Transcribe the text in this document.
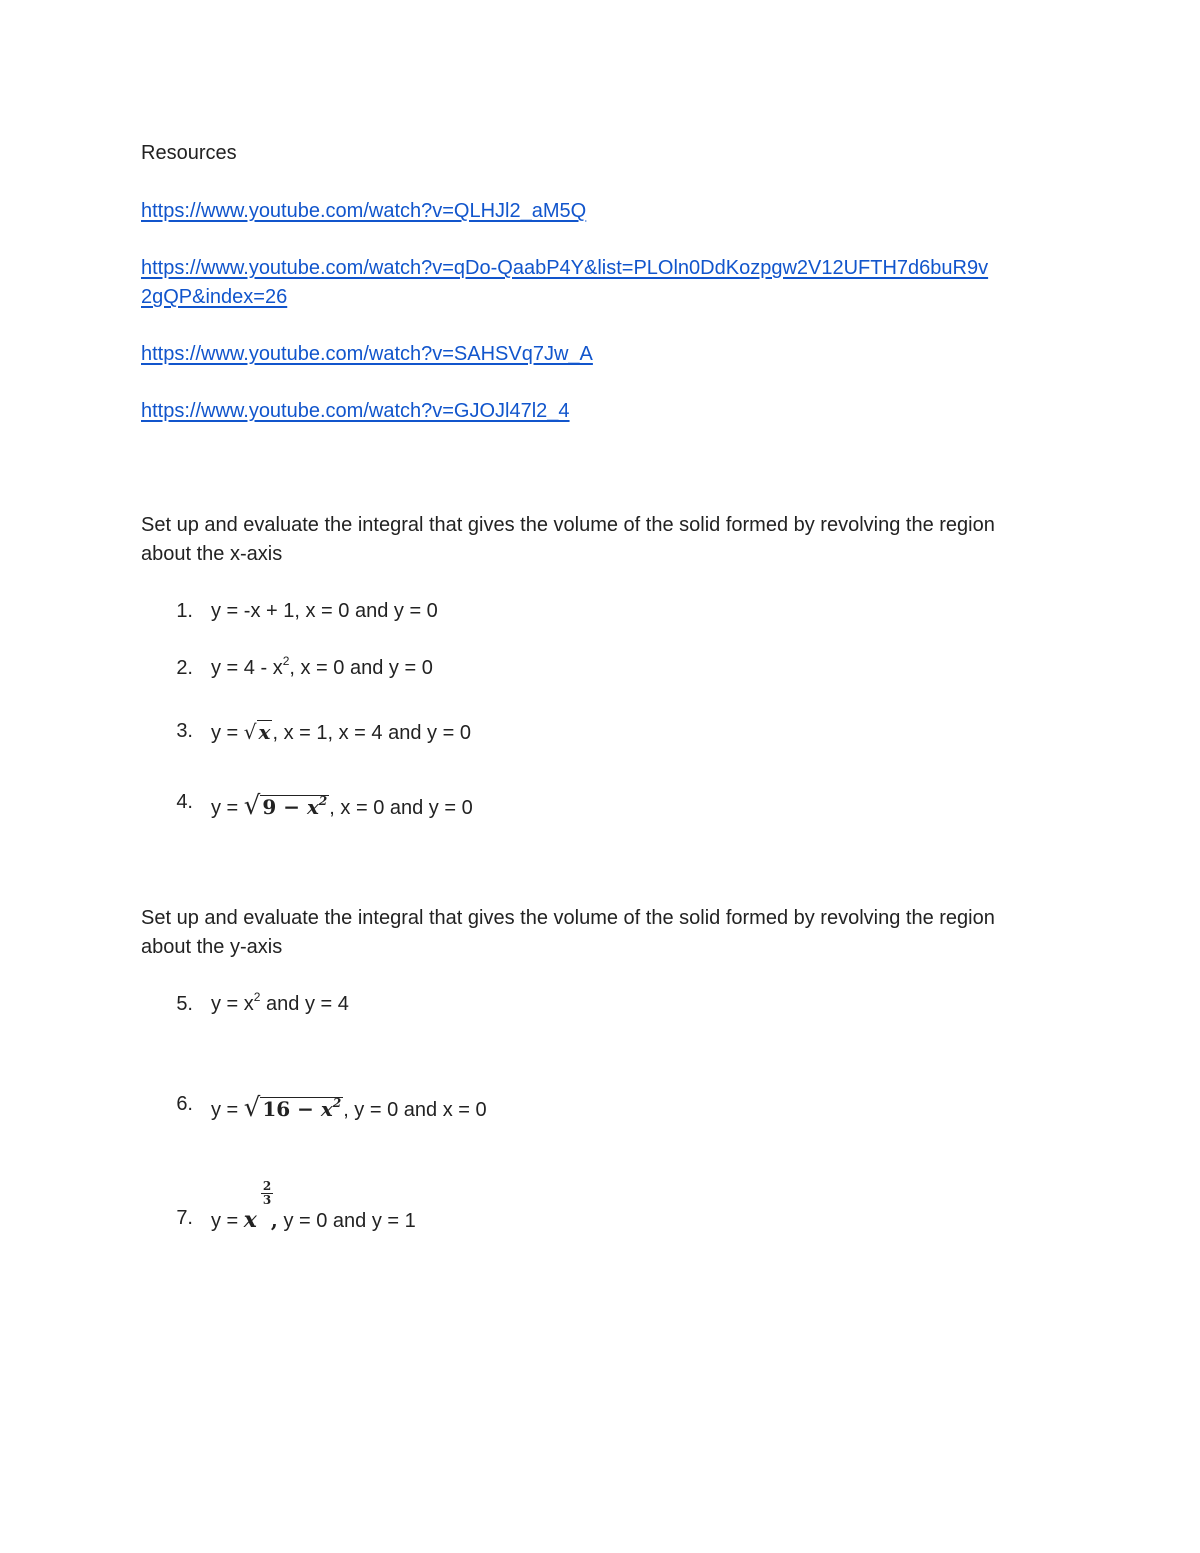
Resources
https://www.youtube.com/watch?v=QLHJl2_aM5Q
https://www.youtube.com/watch?v=qDo-QaabP4Y&list=PLOln0DdKozpgw2V12UFTH7d6buR9v
2gQP&index=26
https://www.youtube.com/watch?v=SAHSVq7Jw_A
https://www.youtube.com/watch?v=GJOJl47l2_4
Set up and evaluate the integral that gives the volume of the solid formed by revolving the region about the x-axis
1. y = -x + 1, x = 0 and y = 0
2. $y = 4 - x^2$, x = 0 and y = 0
3. y = √ x , x = 1, x = 4 and y = 0
4. y = √ $9 - x^2$ , x = 0 and y = 0
Set up and evaluate the integral that gives the volume of the solid formed by revolving the region about the y-axis
5. $y = x^2$ and y = 4
6. y = √ $16 - x^2$ , y = 0 and x = 0
7. y = x , y = 0 and y = 1
2
3
